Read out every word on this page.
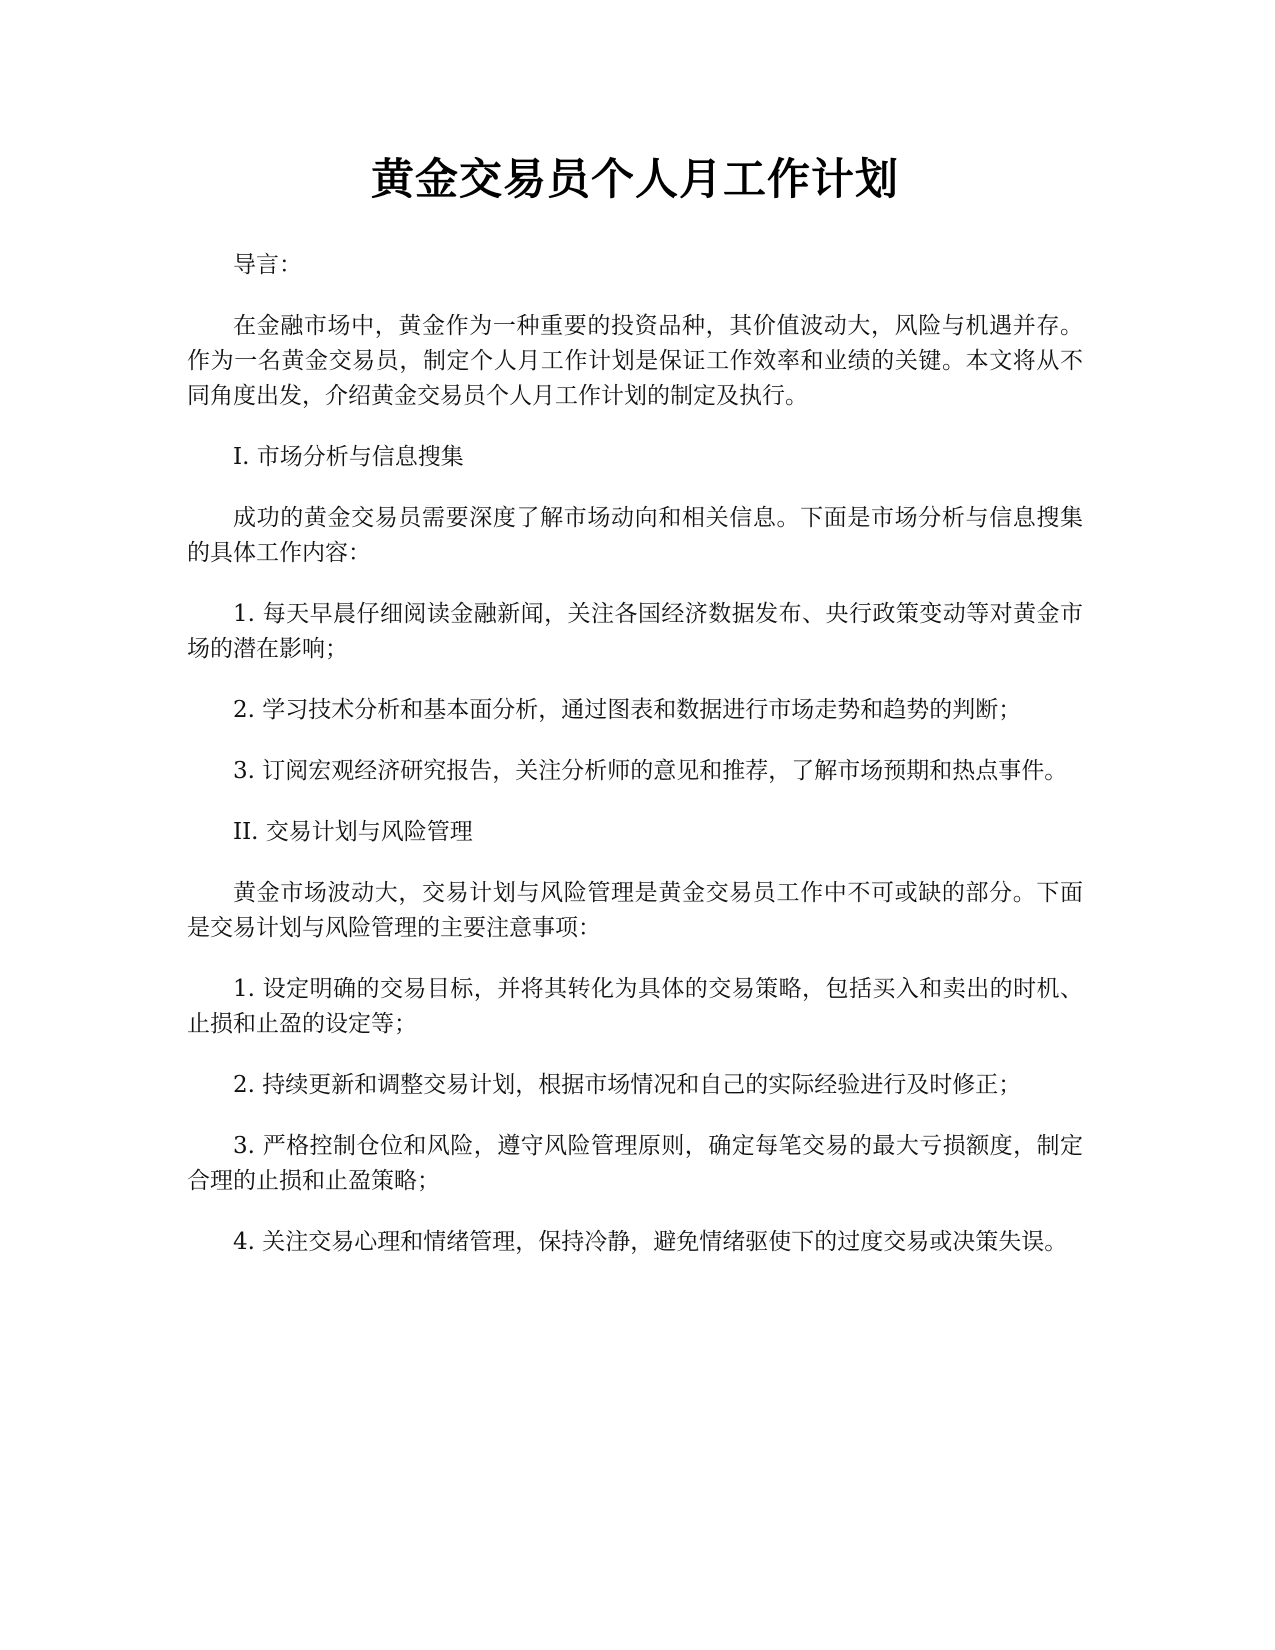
黄金交易员个人月工作计划

导言：

在金融市场中，黄金作为一种重要的投资品种，其价值波动大，风险与机遇并存。作为一名黄金交易员，制定个人月工作计划是保证工作效率和业绩的关键。本文将从不同角度出发，介绍黄金交易员个人月工作计划的制定及执行。

I. 市场分析与信息搜集

成功的黄金交易员需要深度了解市场动向和相关信息。下面是市场分析与信息搜集的具体工作内容：

1. 每天早晨仔细阅读金融新闻，关注各国经济数据发布、央行政策变动等对黄金市场的潜在影响；

2. 学习技术分析和基本面分析，通过图表和数据进行市场走势和趋势的判断；

3. 订阅宏观经济研究报告，关注分析师的意见和推荐，了解市场预期和热点事件。

II. 交易计划与风险管理

黄金市场波动大，交易计划与风险管理是黄金交易员工作中不可或缺的部分。下面是交易计划与风险管理的主要注意事项：

1. 设定明确的交易目标，并将其转化为具体的交易策略，包括买入和卖出的时机、止损和止盈的设定等；

2. 持续更新和调整交易计划，根据市场情况和自己的实际经验进行及时修正；

3. 严格控制仓位和风险，遵守风险管理原则，确定每笔交易的最大亏损额度，制定合理的止损和止盈策略；

4. 关注交易心理和情绪管理，保持冷静，避免情绪驱使下的过度交易或决策失误。
